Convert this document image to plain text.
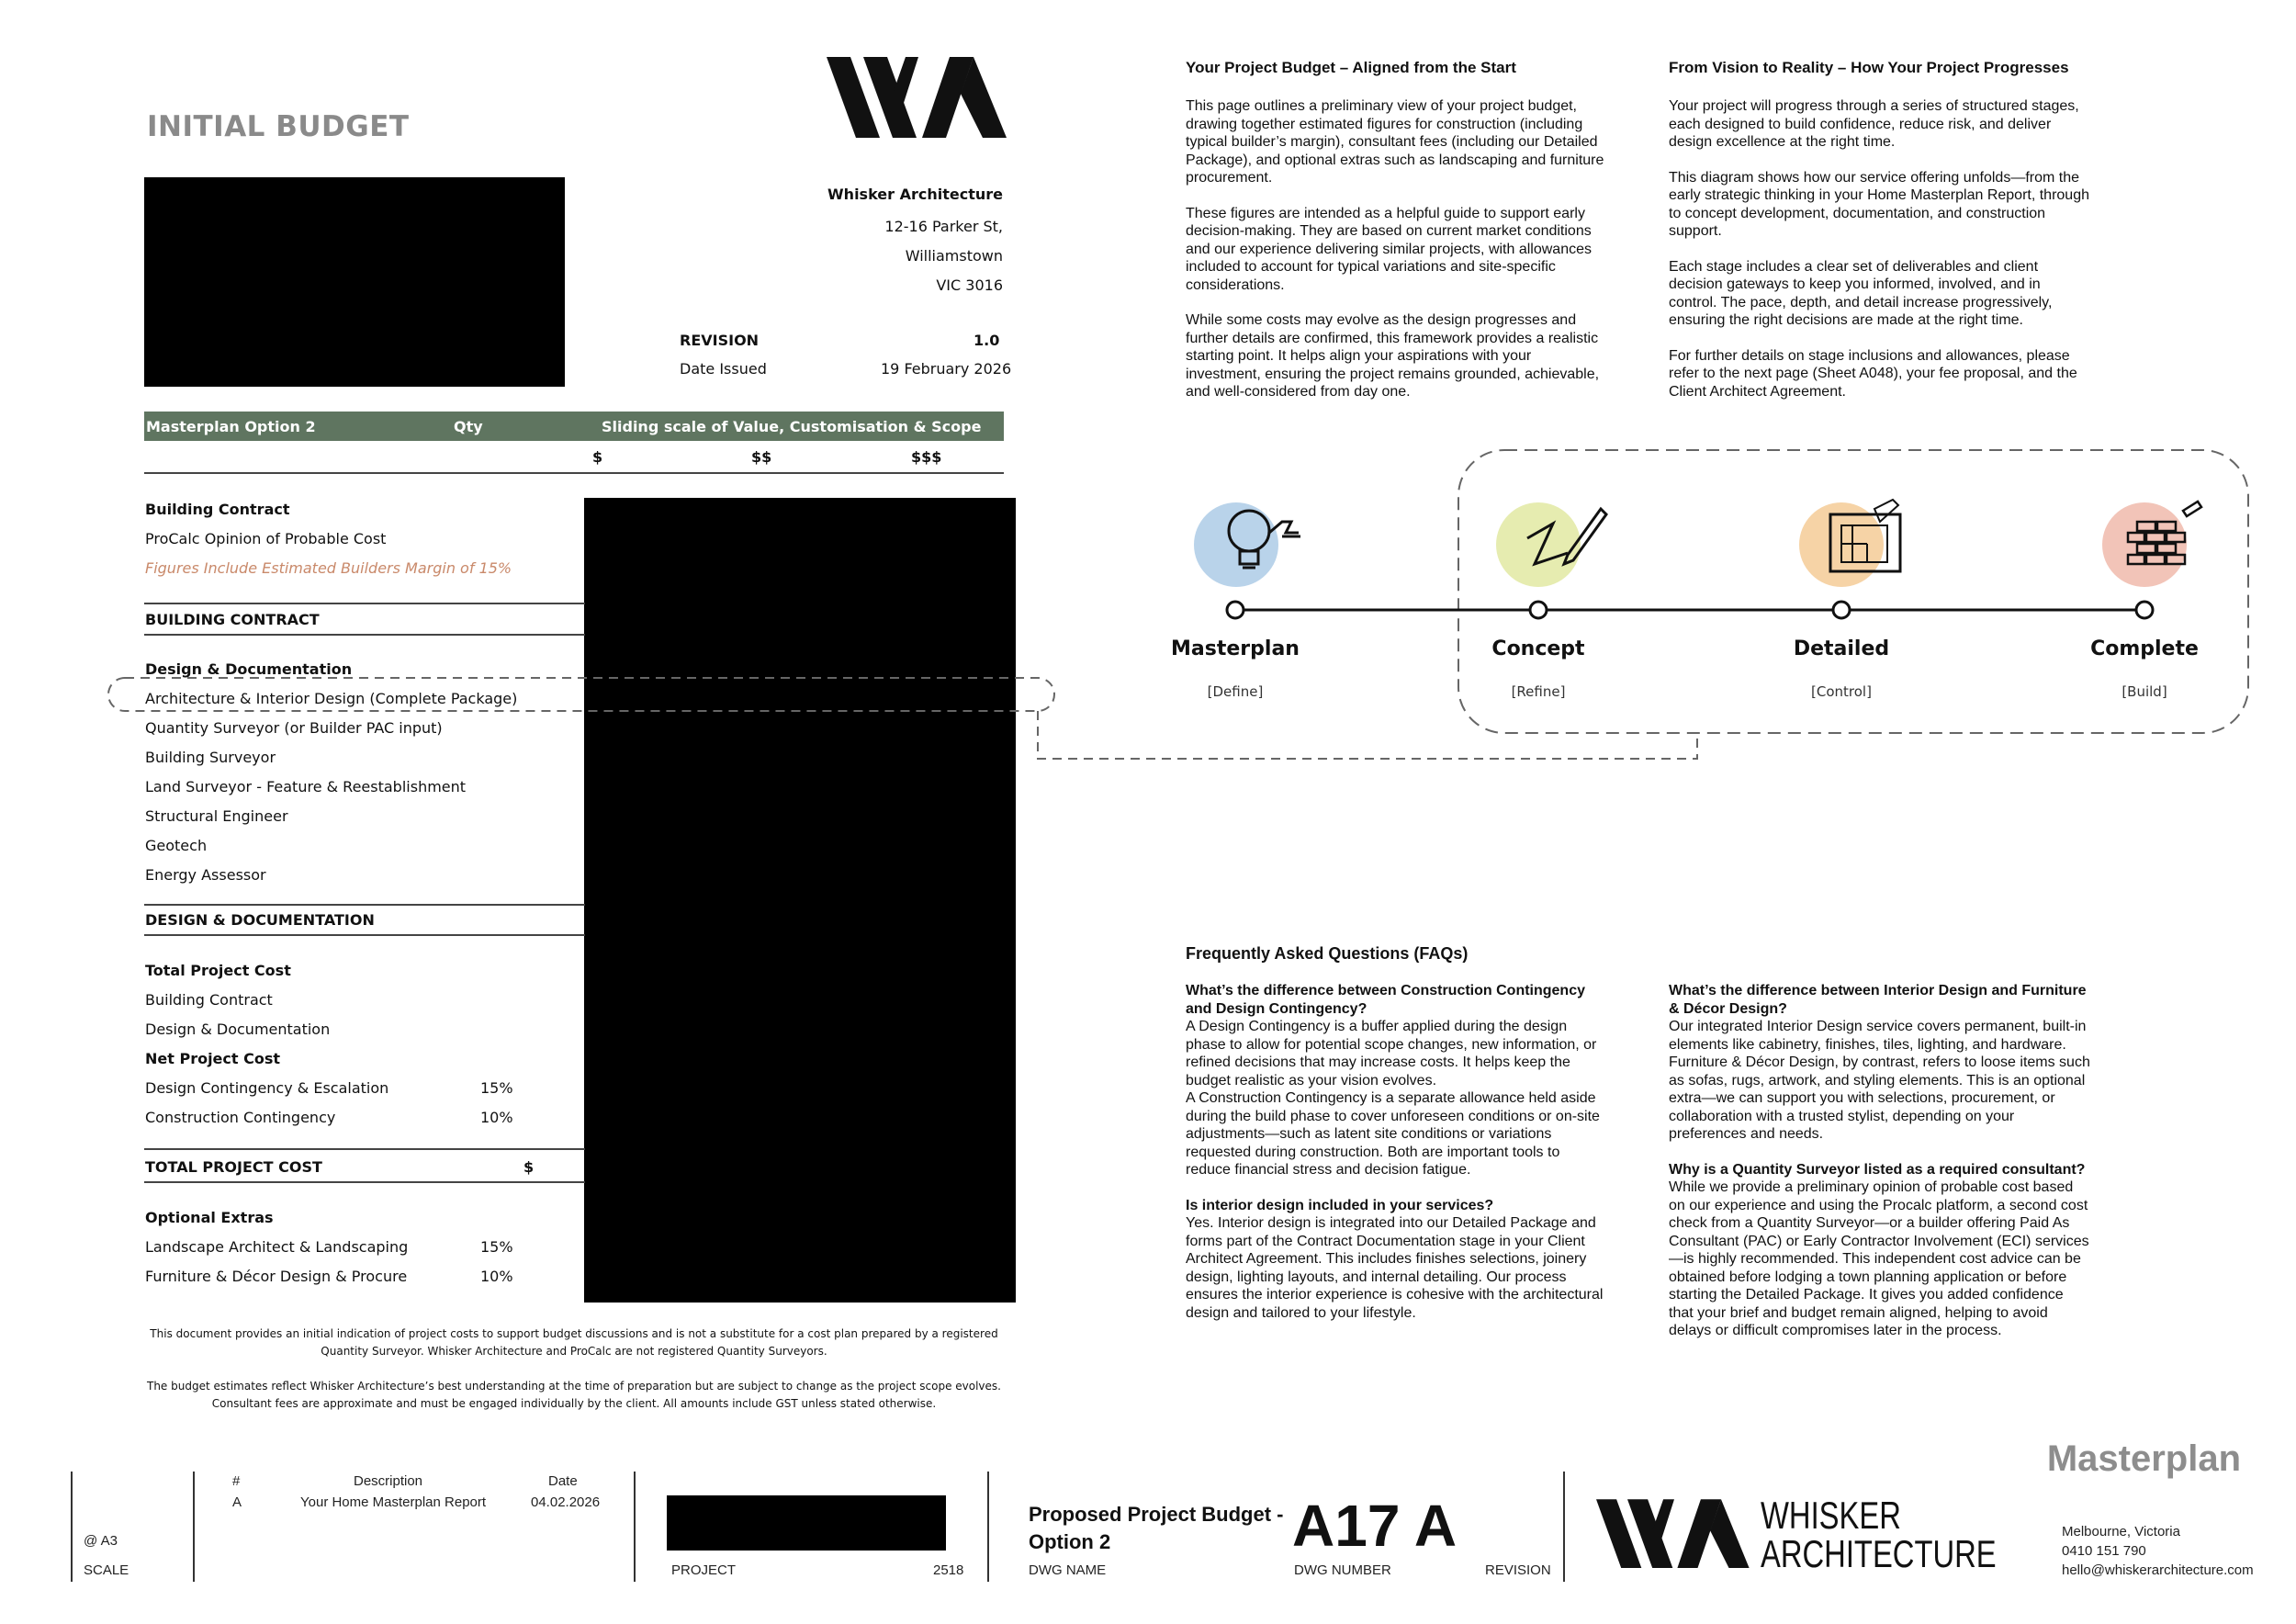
INITIAL BUDGET
Whisker Architecture
12-16 Parker St,
Williamstown
VIC 3016
REVISION	1.0
Date Issued	19 February 2026
Masterplan Option 2	Qty	Sliding scale of Value, Customisation & Scope
$	$$	$$$
Building Contract
ProCalc Opinion of Probable Cost
Figures Include Estimated Builders Margin of 15%
BUILDING CONTRACT
Design & Documentation
Architecture & Interior Design (Complete Package)
Quantity Surveyor (or Builder PAC input)
Building Surveyor
Land Surveyor - Feature & Reestablishment
Structural Engineer
Geotech
Energy Assessor
DESIGN & DOCUMENTATION
Total Project Cost
Building Contract
Design & Documentation
Net Project Cost
Design Contingency & Escalation	15%
Construction Contingency	10%
TOTAL PROJECT COST	$
Optional Extras
Landscape Architect & Landscaping	15%
Furniture & Décor Design & Procure	10%
This document provides an initial indication of project costs to support budget discussions and is not a substitute for a cost plan prepared by a registered Quantity Surveyor. Whisker Architecture and ProCalc are not registered Quantity Surveyors.
The budget estimates reflect Whisker Architecture’s best understanding at the time of preparation but are subject to change as the project scope evolves. Consultant fees are approximate and must be engaged individually by the client. All amounts include GST unless stated otherwise.
Your Project Budget – Aligned from the Start
This page outlines a preliminary view of your project budget, drawing together estimated figures for construction (including typical builder’s margin), consultant fees (including our Detailed Package), and optional extras such as landscaping and furniture procurement.
These figures are intended as a helpful guide to support early decision-making. They are based on current market conditions and our experience delivering similar projects, with allowances included to account for typical variations and site-specific considerations.
While some costs may evolve as the design progresses and further details are confirmed, this framework provides a realistic starting point. It helps align your aspirations with your investment, ensuring the project remains grounded, achievable, and well-considered from day one.
From Vision to Reality – How Your Project Progresses
Your project will progress through a series of structured stages, each designed to build confidence, reduce risk, and deliver design excellence at the right time.
This diagram shows how our service offering unfolds—from the early strategic thinking in your Home Masterplan Report, through to concept development, documentation, and construction support.
Each stage includes a clear set of deliverables and client decision gateways to keep you informed, involved, and in control. The pace, depth, and detail increase progressively, ensuring the right decisions are made at the right time.
For further details on stage inclusions and allowances, please refer to the next page (Sheet A048), your fee proposal, and the Client Architect Agreement.
Masterplan
[Define]
Concept
[Refine]
Detailed
[Control]
Complete
[Build]
Frequently Asked Questions (FAQs)
What’s the difference between Construction Contingency and Design Contingency?
A Design Contingency is a buffer applied during the design phase to allow for potential scope changes, new information, or refined decisions that may increase costs. It helps keep the budget realistic as your vision evolves.
A Construction Contingency is a separate allowance held aside during the build phase to cover unforeseen conditions or on-site adjustments—such as latent site conditions or variations requested during construction. Both are important tools to reduce financial stress and decision fatigue.
Is interior design included in your services?
Yes. Interior design is integrated into our Detailed Package and forms part of the Contract Documentation stage in your Client Architect Agreement. This includes finishes selections, joinery design, lighting layouts, and internal detailing. Our process ensures the interior experience is cohesive with the architectural design and tailored to your lifestyle.
What’s the difference between Interior Design and Furniture & Décor Design?
Our integrated Interior Design service covers permanent, built-in elements like cabinetry, finishes, tiles, lighting, and hardware.
Furniture & Décor Design, by contrast, refers to loose items such as sofas, rugs, artwork, and styling elements. This is an optional extra—we can support you with selections, procurement, or collaboration with a trusted stylist, depending on your preferences and needs.
Why is a Quantity Surveyor listed as a required consultant?
While we provide a preliminary opinion of probable cost based on our experience and using the Procalc platform, a second cost check from a Quantity Surveyor—or a builder offering Paid As Consultant (PAC) or Early Contractor Involvement (ECI) services—is highly recommended. This independent cost advice can be obtained before lodging a town planning application or before starting the Detailed Package. It gives you added confidence that your brief and budget remain aligned, helping to avoid delays or difficult compromises later in the process.
Masterplan
@ A3
SCALE
#	Description	Date
A	Your Home Masterplan Report	04.02.2026
PROJECT	2518
Proposed Project Budget - Option 2
DWG NAME
A17 A
DWG NUMBER	REVISION
WHISKER
ARCHITECTURE
Melbourne, Victoria
0410 151 790
hello@whiskerarchitecture.com
